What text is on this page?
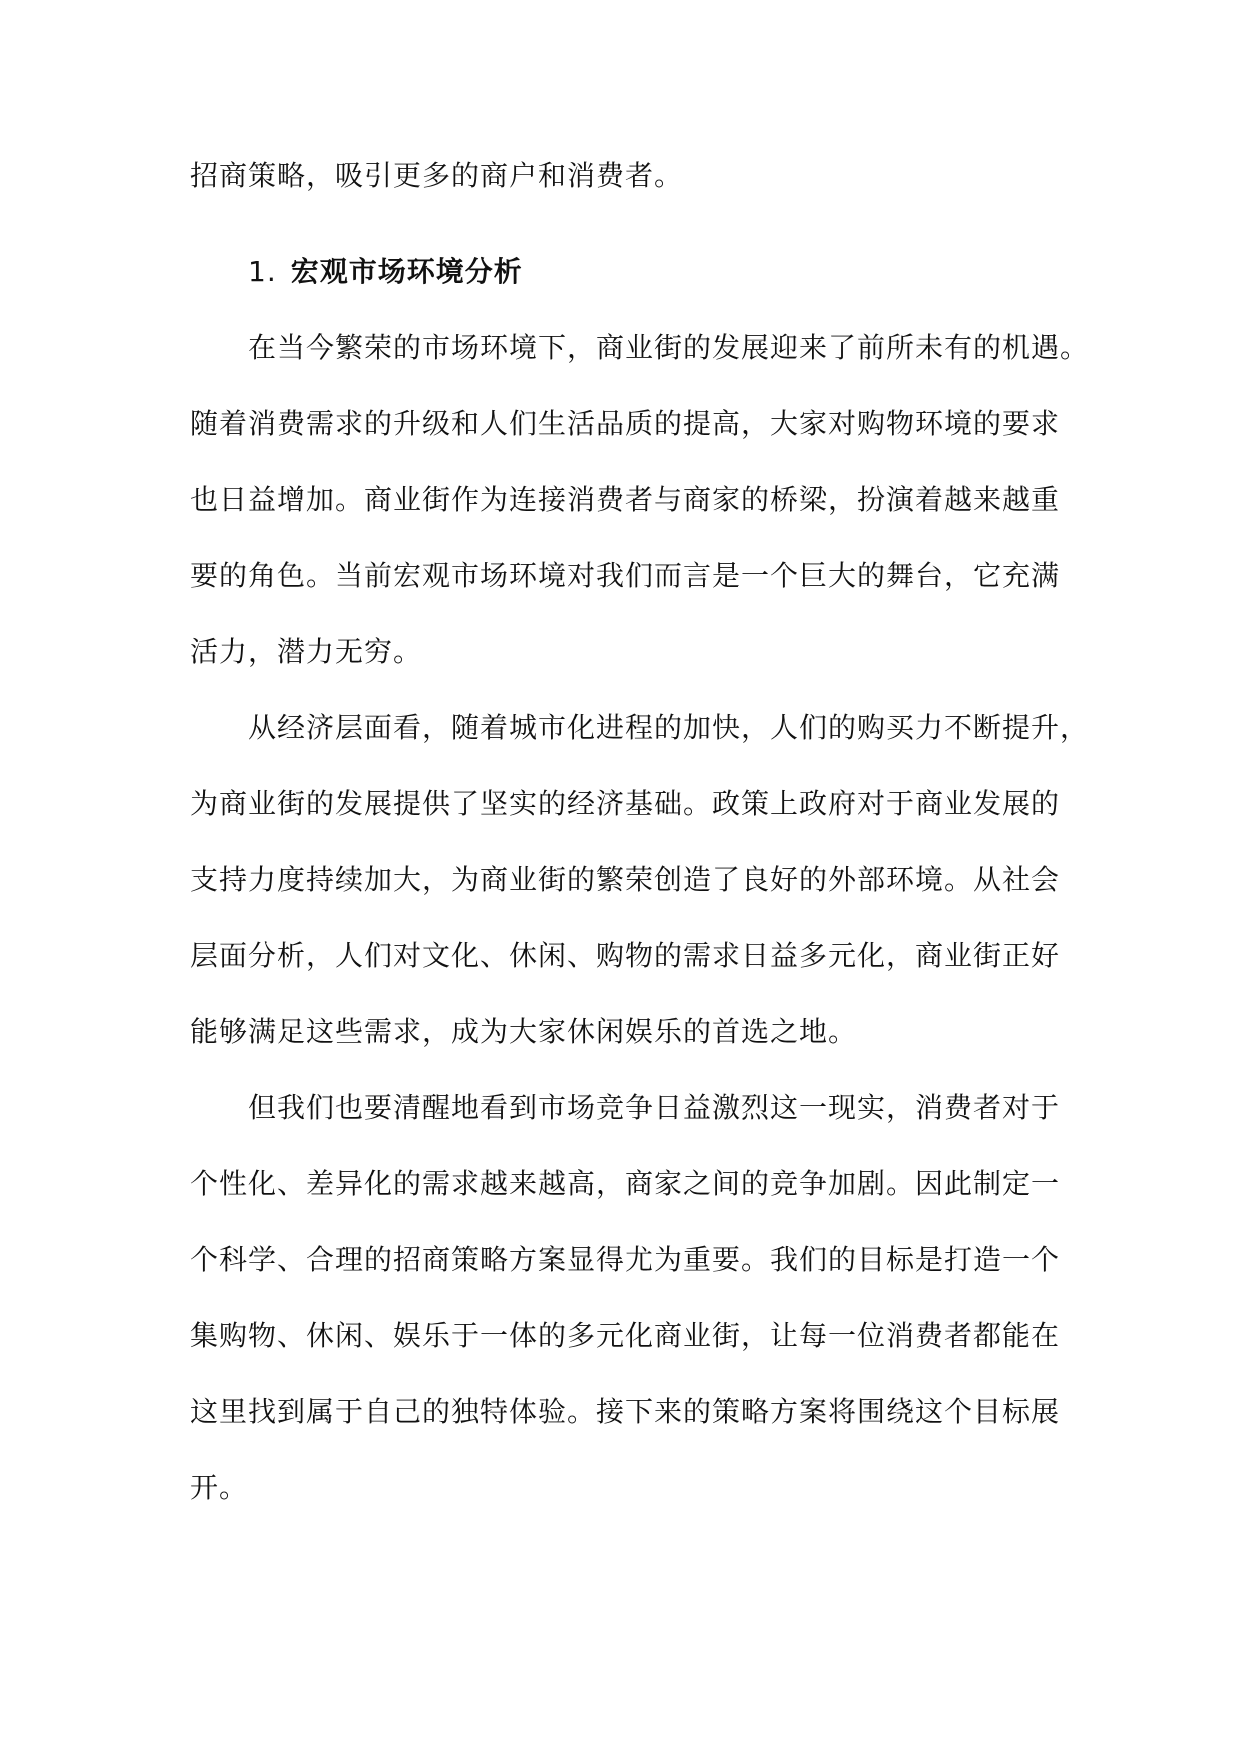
招商策略，吸引更多的商户和消费者。
1. 宏观市场环境分析
在当今繁荣的市场环境下，商业街的发展迎来了前所未有的机遇。
随着消费需求的升级和人们生活品质的提高，大家对购物环境的要求
也日益增加。商业街作为连接消费者与商家的桥梁，扮演着越来越重
要的角色。当前宏观市场环境对我们而言是一个巨大的舞台，它充满
活力，潜力无穷。
从经济层面看，随着城市化进程的加快，人们的购买力不断提升，
为商业街的发展提供了坚实的经济基础。政策上政府对于商业发展的
支持力度持续加大，为商业街的繁荣创造了良好的外部环境。从社会
层面分析，人们对文化、休闲、购物的需求日益多元化，商业街正好
能够满足这些需求，成为大家休闲娱乐的首选之地。
但我们也要清醒地看到市场竞争日益激烈这一现实，消费者对于
个性化、差异化的需求越来越高，商家之间的竞争加剧。因此制定一
个科学、合理的招商策略方案显得尤为重要。我们的目标是打造一个
集购物、休闲、娱乐于一体的多元化商业街，让每一位消费者都能在
这里找到属于自己的独特体验。接下来的策略方案将围绕这个目标展
开。
